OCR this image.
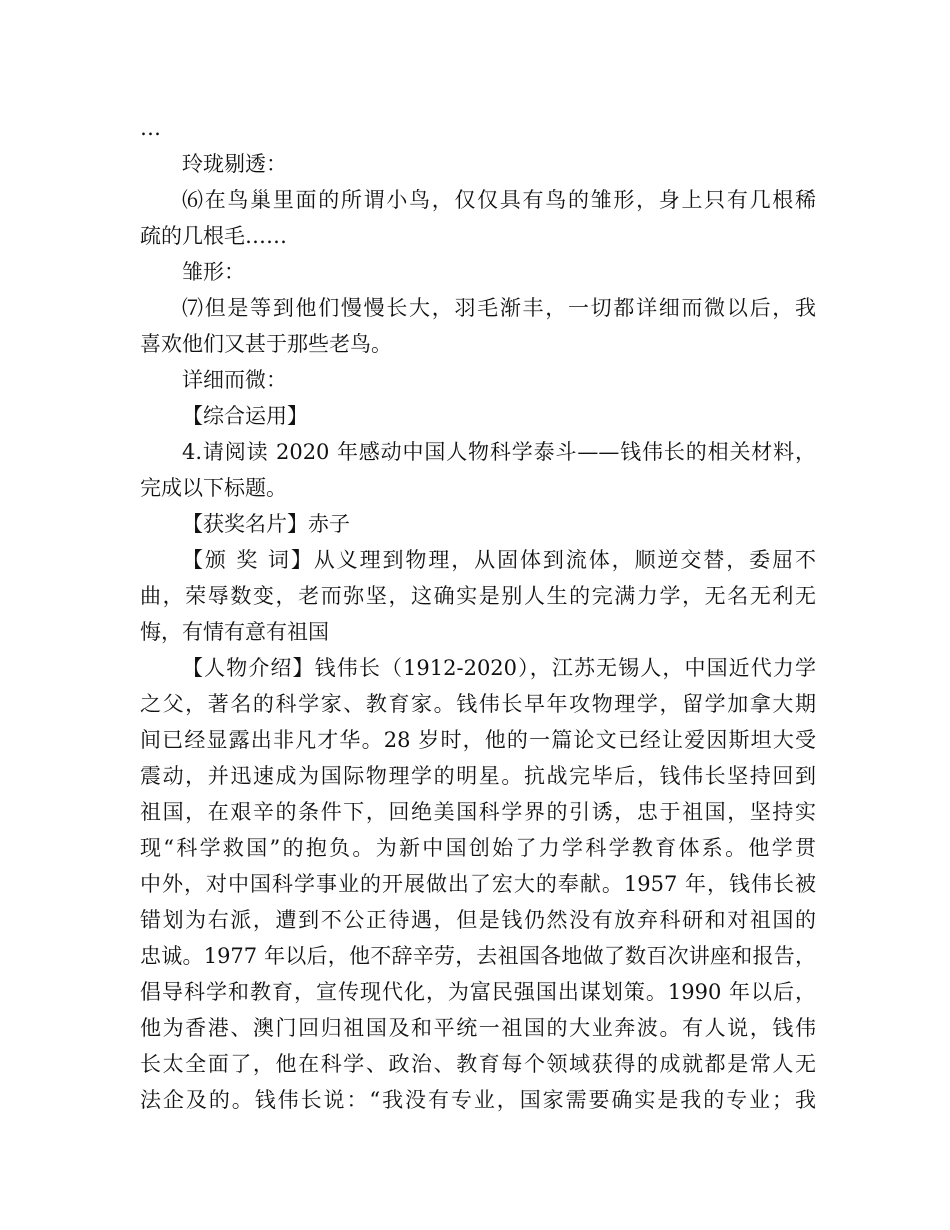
…
玲珑剔透：
⑹在鸟巢里面的所谓小鸟，仅仅具有鸟的雏形，身上只有几根稀
疏的几根毛……
雏形：
⑺但是等到他们慢慢长大，羽毛渐丰，一切都详细而微以后，我
喜欢他们又甚于那些老鸟。
详细而微：
【综合运用】
4.请阅读 2020 年感动中国人物科学泰斗——钱伟长的相关材料，
完成以下标题。
【获奖名片】赤子
【颁 奖 词】从义理到物理，从固体到流体，顺逆交替，委屈不
曲，荣辱数变，老而弥坚，这确实是别人生的完满力学，无名无利无
悔，有情有意有祖国
【人物介绍】钱伟长（1912-2020），江苏无锡人，中国近代力学
之父，著名的科学家、教育家。钱伟长早年攻物理学，留学加拿大期
间已经显露出非凡才华。28 岁时，他的一篇论文已经让爱因斯坦大受
震动，并迅速成为国际物理学的明星。抗战完毕后，钱伟长坚持回到
祖国，在艰辛的条件下，回绝美国科学界的引诱，忠于祖国，坚持实
现“科学救国”的抱负。为新中国创始了力学科学教育体系。他学贯
中外，对中国科学事业的开展做出了宏大的奉献。1957 年，钱伟长被
错划为右派，遭到不公正待遇，但是钱仍然没有放弃科研和对祖国的
忠诚。1977 年以后，他不辞辛劳，去祖国各地做了数百次讲座和报告，
倡导科学和教育，宣传现代化，为富民强国出谋划策。1990 年以后，
他为香港、澳门回归祖国及和平统一祖国的大业奔波。有人说，钱伟
长太全面了，他在科学、政治、教育每个领域获得的成就都是常人无
法企及的。钱伟长说：“我没有专业，国家需要确实是我的专业；我
